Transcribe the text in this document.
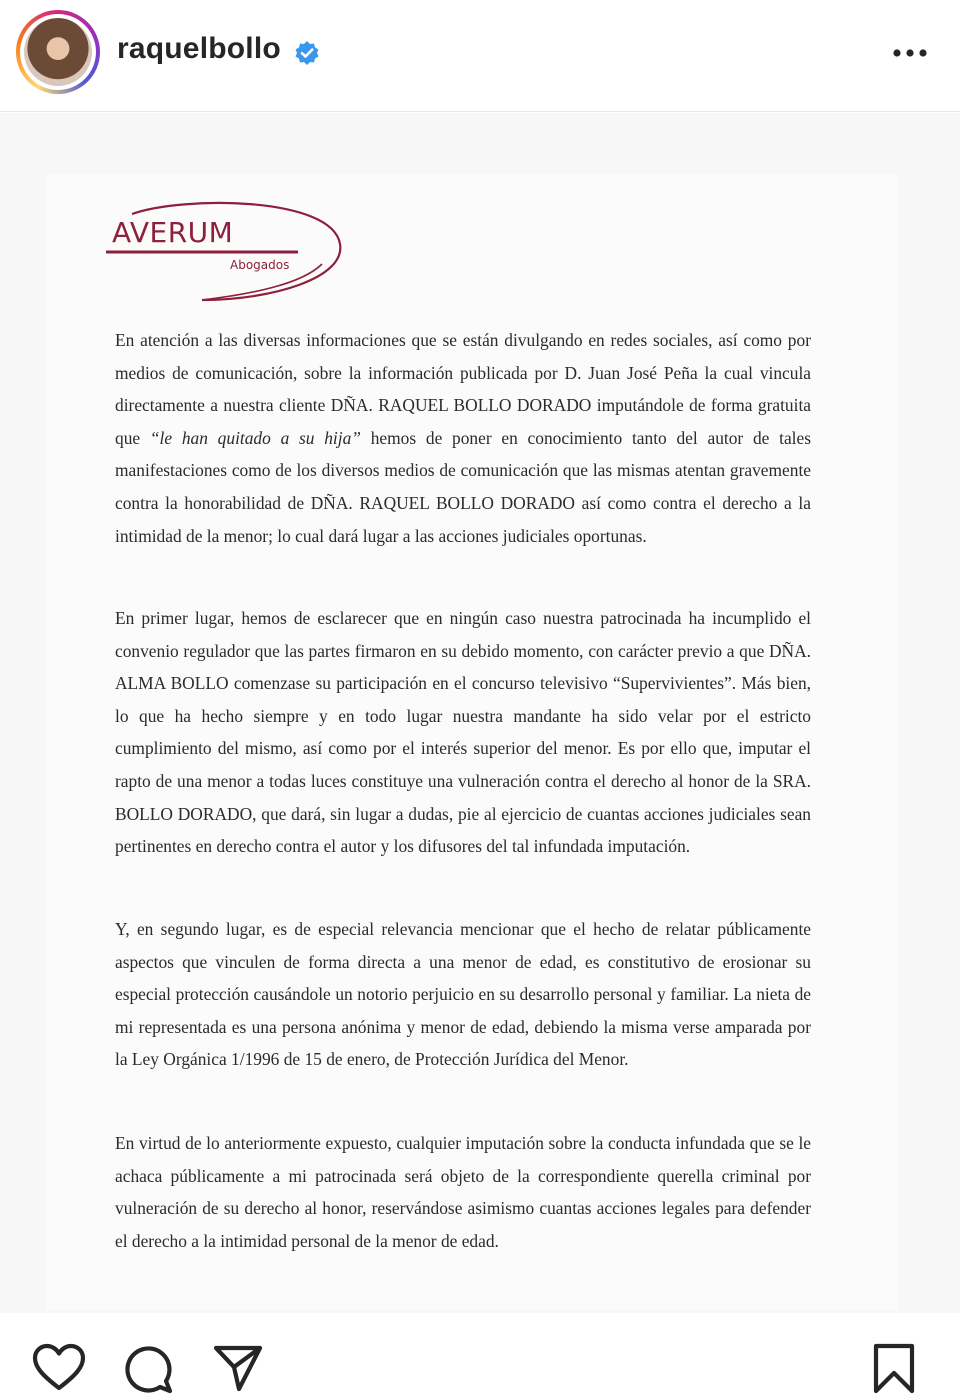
raquelbollo
AVERUM
Abogados

En atención a las diversas informaciones que se están divulgando en redes sociales, así como por medios de comunicación, sobre la información publicada por D. Juan José Peña la cual vincula directamente a nuestra cliente DÑA. RAQUEL BOLLO DORADO imputándole de forma gratuita que “le han quitado a su hija” hemos de poner en conocimiento tanto del autor de tales manifestaciones como de los diversos medios de comunicación que las mismas atentan gravemente contra la honorabilidad de DÑA. RAQUEL BOLLO DORADO así como contra el derecho a la intimidad de la menor; lo cual dará lugar a las acciones judiciales oportunas.

En primer lugar, hemos de esclarecer que en ningún caso nuestra patrocinada ha incumplido el convenio regulador que las partes firmaron en su debido momento, con carácter previo a que DÑA. ALMA BOLLO comenzase su participación en el concurso televisivo “Supervivientes”. Más bien, lo que ha hecho siempre y en todo lugar nuestra mandante ha sido velar por el estricto cumplimiento del mismo, así como por el interés superior del menor. Es por ello que, imputar el rapto de una menor a todas luces constituye una vulneración contra el derecho al honor de la SRA. BOLLO DORADO, que dará, sin lugar a dudas, pie al ejercicio de cuantas acciones judiciales sean pertinentes en derecho contra el autor y los difusores del tal infundada imputación.

Y, en segundo lugar, es de especial relevancia mencionar que el hecho de relatar públicamente aspectos que vinculen de forma directa a una menor de edad, es constitutivo de erosionar su especial protección causándole un notorio perjuicio en su desarrollo personal y familiar. La nieta de mi representada es una persona anónima y menor de edad, debiendo la misma verse amparada por la Ley Orgánica 1/1996 de 15 de enero, de Protección Jurídica del Menor.

En virtud de lo anteriormente expuesto, cualquier imputación sobre la conducta infundada que se le achaca públicamente a mi patrocinada será objeto de la correspondiente querella criminal por vulneración de su derecho al honor, reservándose asimismo cuantas acciones legales para defender el derecho a la intimidad personal de la menor de edad.
